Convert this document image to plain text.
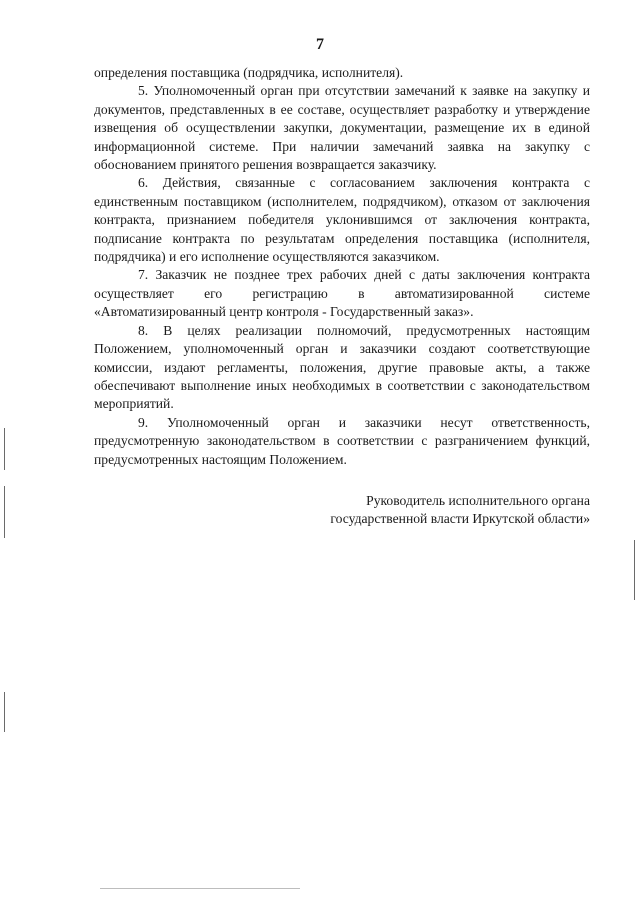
7

определения поставщика (подрядчика, исполнителя).

5. Уполномоченный орган при отсутствии замечаний к заявке на закупку и документов, представленных в ее составе, осуществляет разработку и утверждение извещения об осуществлении закупки, документации, размещение их в единой информационной системе. При наличии замечаний заявка на закупку с обоснованием принятого решения возвращается заказчику.

6. Действия, связанные с согласованием заключения контракта с единственным поставщиком (исполнителем, подрядчиком), отказом от заключения контракта, признанием победителя уклонившимся от заключения контракта, подписание контракта по результатам определения поставщика (исполнителя, подрядчика) и его исполнение осуществляются заказчиком.

7. Заказчик не позднее трех рабочих дней с даты заключения контракта осуществляет его регистрацию в автоматизированной системе «Автоматизированный центр контроля - Государственный заказ».

8. В целях реализации полномочий, предусмотренных настоящим Положением, уполномоченный орган и заказчики создают соответствующие комиссии, издают регламенты, положения, другие правовые акты, а также обеспечивают выполнение иных необходимых в соответствии с законодательством мероприятий.

9. Уполномоченный орган и заказчики несут ответственность, предусмотренную законодательством в соответствии с разграничением функций, предусмотренных настоящим Положением.

Руководитель исполнительного органа
государственной власти Иркутской области»
